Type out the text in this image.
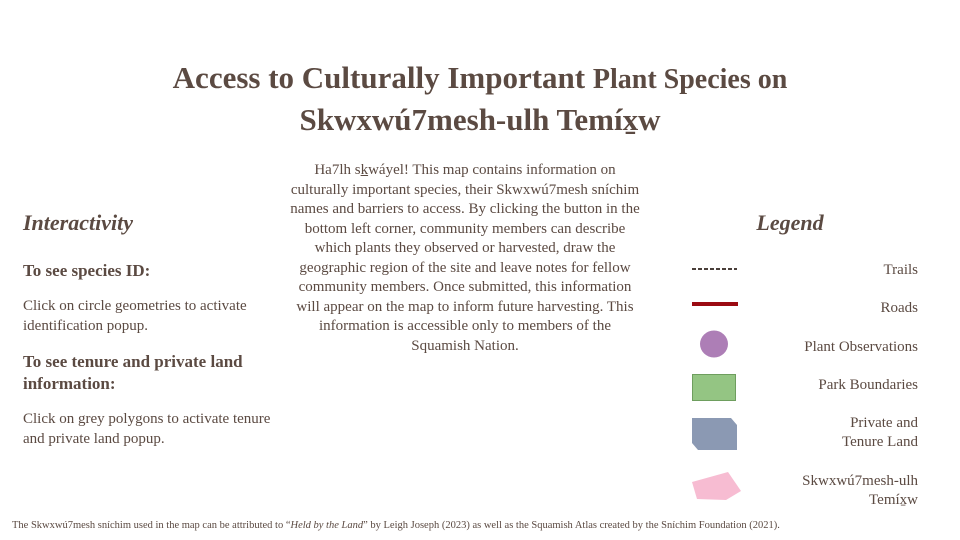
Access to Culturally Important Plant Species on
Skwxwú7mesh-ulh Temíx̱w
Ha7lh skwáyel! This map contains information on culturally important species, their Skwxwú7mesh sníchim names and barriers to access. By clicking the button in the bottom left corner, community members can describe which plants they observed or harvested, draw the geographic region of the site and leave notes for fellow community members. Once submitted, this information will appear on the map to inform future harvesting. This information is accessible only to members of the Squamish Nation.
Interactivity
To see species ID:
Click on circle geometries to activate identification popup.
To see tenure and private land information:
Click on grey polygons to activate tenure and private land popup.
Legend
Trails
Roads
Plant Observations
Park Boundaries
Private and
Tenure Land
Skwxwú7mesh-ulh
Temíx̱w
The Skwxwú7mesh sníchim used in the map can be attributed to “Held by the Land” by Leigh Joseph (2023) as well as the Squamish Atlas created by the Sníchim Foundation (2021).
